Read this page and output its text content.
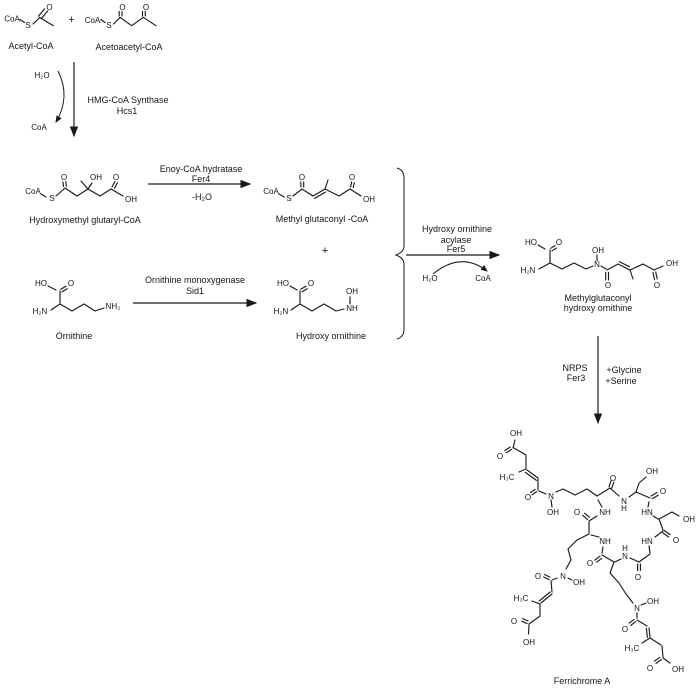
CoA
S
O
Acetyl-CoA
+ CoA
S
O O
Acetoacetyl-CoA
H₂O
CoA
HMG-CoA Synthase
Hcs1
CoA
S
O	OH O
OH
Hydroxymethyl glutaryl-CoA
Enoy-CoA hydratase
Fer4
-H₂O
CoA
S
O	O
OH
Methyl glutaconyl -CoA
+
HO	O
H₂N
NH₂
Ornithine
Ornithine monoxygenase
Sid1
HO O
H₂N
OH
NH
Hydroxy ornithine
Hydroxy ornithine
acylase
Fer5
H₂O	CoA
HO O
H₂N
OH
N
O	O
OH
Methylglutaconyl
hydroxy ornithine
NRPS
Fer3
+Glycine
+Serine
OH
O
H₃C
O N
OH
O
N
H
OH
O
HN
OH
O
HN
O
H
N
O
NH
O NH
N
OH
O
H₃C
O OH
N
OH
O
H₃C
O
OH
Ferrichrome A
